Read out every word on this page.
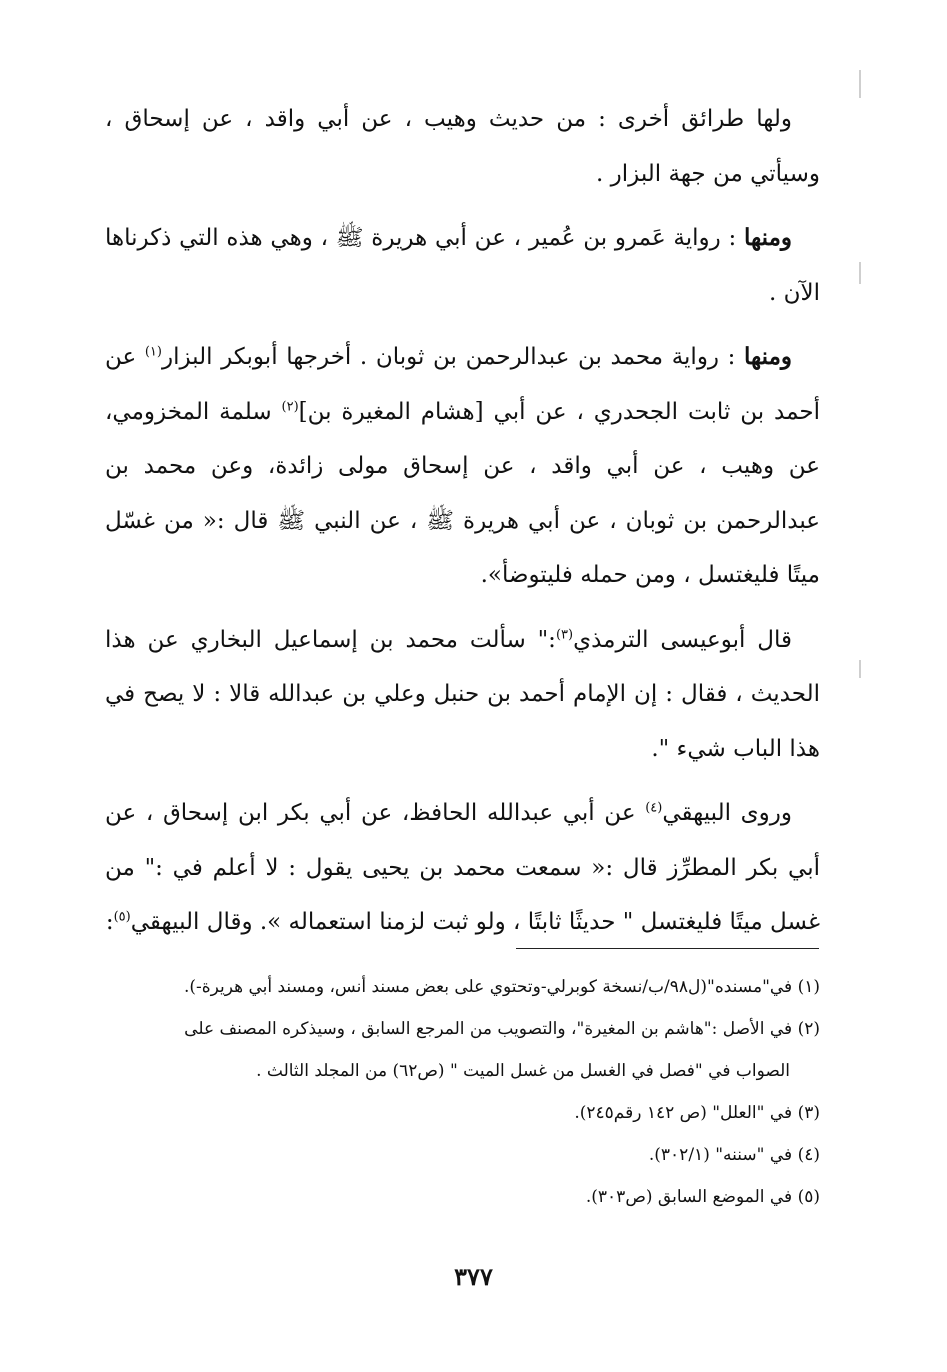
ولها طرائق أخرى : من حديث وهيب ، عن أبي واقد ، عن إسحاق ، وسيأتي من جهة البزار .

ومنها : رواية عَمرو بن عُمير ، عن أبي هريرة ﷺ ، وهي هذه التي ذكرناها الآن .

ومنها : رواية محمد بن عبدالرحمن بن ثوبان . أخرجها أبوبكر البزار$^{(١)}$ عن أحمد بن ثابت الجحدري ، عن أبي [هشام المغيرة بن]$^{(٢)}$ سلمة المخزومي، عن وهيب ، عن أبي واقد ، عن إسحاق مولى زائدة، وعن محمد بن عبدالرحمن بن ثوبان ، عن أبي هريرة ﷺ ، عن النبي ﷺ قال :« من غسّل ميتًا فليغتسل ، ومن حمله فليتوضأ».

قال أبوعيسى الترمذي$^{(٣)}$:" سألت محمد بن إسماعيل البخاري عن هذا الحديث ، فقال : إن الإمام أحمد بن حنبل وعلي بن عبدالله قالا : لا يصح في هذا الباب شيء ".

وروى البيهقي$^{(٤)}$ عن أبي عبدالله الحافظ، عن أبي بكر ابن إسحاق ، عن أبي بكر المطرِّز قال :« سمعت محمد بن يحيى يقول : لا أعلم في :" من غسل ميتًا فليغتسل " حديثًا ثابتًا ، ولو ثبت لزمنا استعماله ». وقال البيهقي$^{(٥)}$:

(١) في"مسنده"(ل٩٨/ب/نسخة كوبرلي-وتحتوي على بعض مسند أنس، ومسند أبي هريرة-).

(٢) في الأصل :"هاشم بن المغيرة"، والتصويب من المرجع السابق ، وسيذكره المصنف على

الصواب في "فصل في الغسل من غسل الميت " (ص٦٢) من المجلد الثالث .

(٣) في "العلل" (ص ١٤٢ رقم٢٤٥).

(٤) في "سننه" (٣٠٢/١).

(٥) في الموضع السابق (ص٣٠٣).

٣٧٧
